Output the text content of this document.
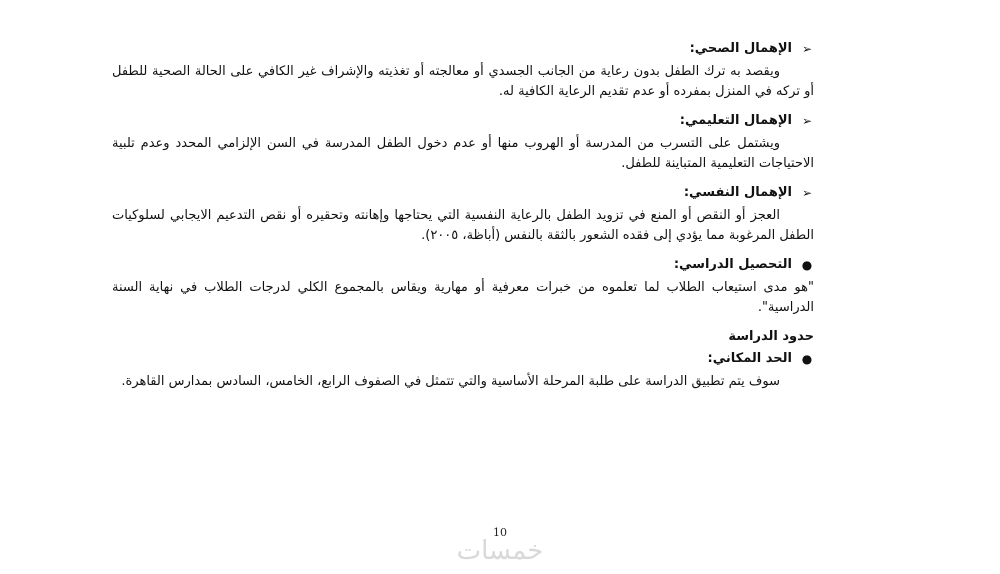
➢
الإهمال الصحي:

ويقصد به ترك الطفل بدون رعاية من الجانب الجسدي أو معالجته أو تغذيته والإشراف غير الكافي على الحالة الصحية للطفل أو تركه في المنزل بمفرده أو عدم تقديم الرعاية الكافية له.

➢
الإهمال التعليمي:

ويشتمل على التسرب من المدرسة أو الهروب منها أو عدم دخول الطفل المدرسة في السن الإلزامي المحدد وعدم تلبية الاحتياجات التعليمية المتباينة للطفل.

➢
الإهمال النفسي:

العجز أو النقص أو المنع في تزويد الطفل بالرعاية النفسية التي يحتاجها وإهانته وتحقيره أو نقص التدعيم الايجابي لسلوكيات الطفل المرغوبة مما يؤدي إلى فقده الشعور بالثقة بالنفس (أباظة، ٢٠٠٥).

●
التحصيل الدراسي:

"هو مدى استيعاب الطلاب لما تعلموه من خبرات معرفية أو مهارية ويقاس بالمجموع الكلي لدرجات الطلاب في نهاية السنة الدراسية".

حدود الدراسة
●
الحد المكاني:

سوف يتم تطبيق الدراسة على طلبة المرحلة الأساسية والتي تتمثل في الصفوف الرابع، الخامس، السادس بمدارس القاهرة.

10
خمسات
